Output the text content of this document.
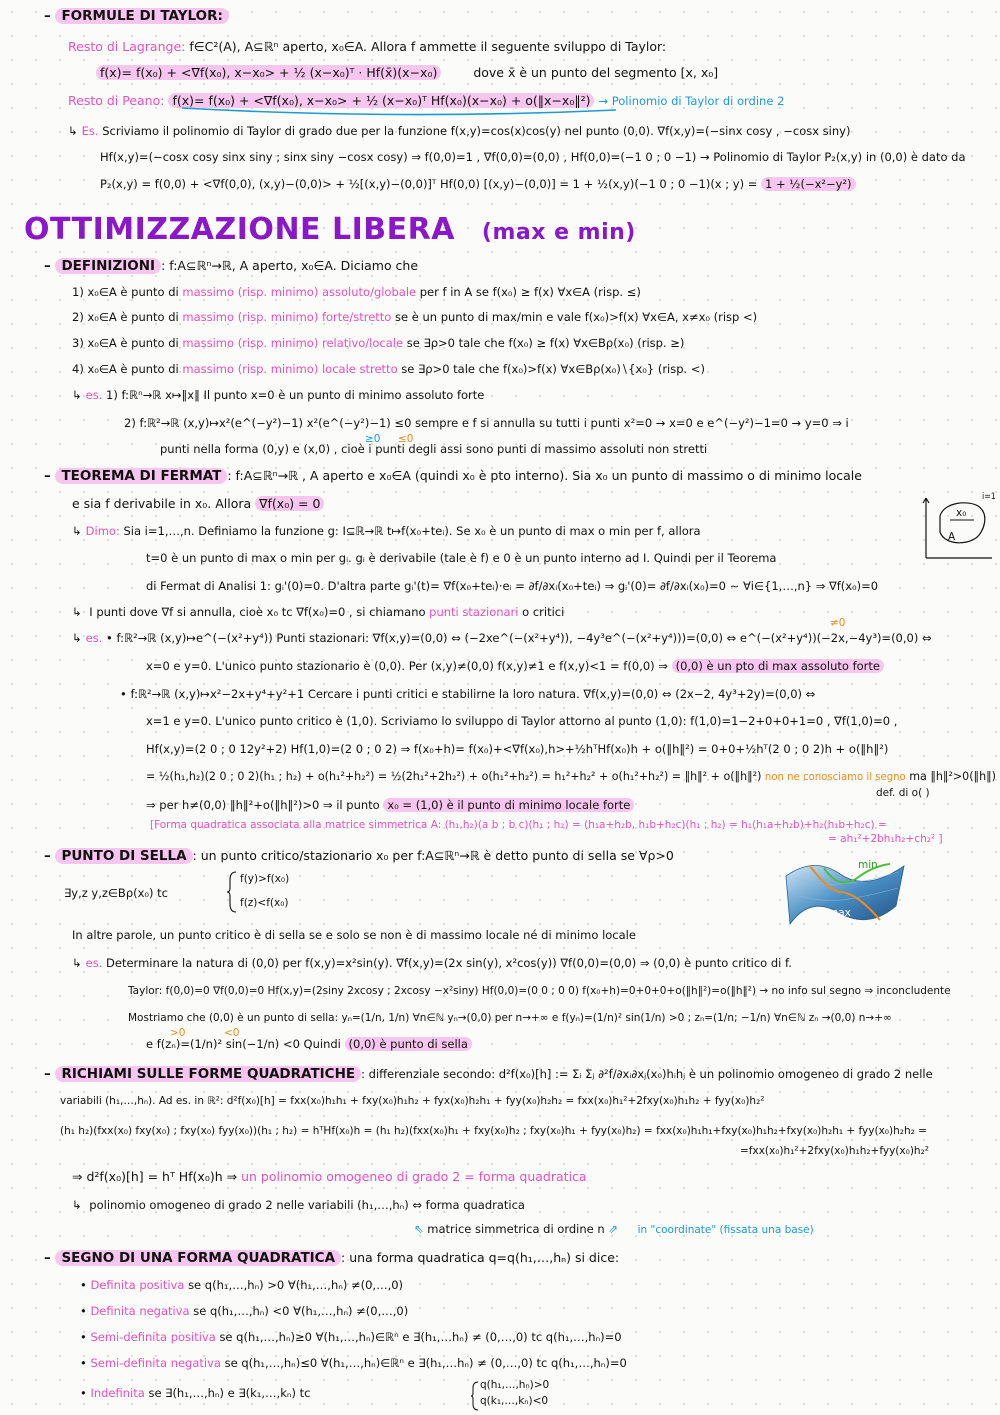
– FORMULE DI TAYLOR:
Resto di Lagrange: f∈C²(A), A⊆ℝⁿ aperto, x₀∈A. Allora f ammette il seguente sviluppo di Taylor:
f(x)= f(x₀) + <∇f(x₀), x−x₀> + ½ (x−x₀)ᵀ · Hf(x̄)(x−x₀)	dove x̄ è un punto del segmento [x, x₀]
Resto di Peano: f(x)= f(x₀) + <∇f(x₀), x−x₀> + ½ (x−x₀)ᵀ Hf(x₀)(x−x₀) + o(‖x−x₀‖²) → Polinomio di Taylor di ordine 2
↳ Es. Scriviamo il polinomio di Taylor di grado due per la funzione f(x,y)=cos(x)cos(y) nel punto (0,0). ∇f(x,y)=(−sinx cosy , −cosx siny)
Hf(x,y)=(−cosx cosy sinx siny ; sinx siny −cosx cosy) ⇒ f(0,0)=1 , ∇f(0,0)=(0,0) , Hf(0,0)=(−1 0 ; 0 −1) → Polinomio di Taylor P₂(x,y) in (0,0) è dato da
P₂(x,y) = f(0,0) + <∇f(0,0), (x,y)−(0,0)> + ½[(x,y)−(0,0)]ᵀ Hf(0,0) [(x,y)−(0,0)] = 1 + ½(x,y)(−1 0 ; 0 −1)(x ; y) = 1 + ½(−x²−y²)
OTTIMIZZAZIONE LIBERA (max e min)
– DEFINIZIONI : f:A⊆ℝⁿ→ℝ, A aperto, x₀∈A. Diciamo che
1) x₀∈A è punto di massimo (risp. minimo) assoluto/globale per f in A se f(x₀) ≥ f(x) ∀x∈A (risp. ≤)
2) x₀∈A è punto di massimo (risp. minimo) forte/stretto se è un punto di max/min e vale f(x₀)>f(x) ∀x∈A, x≠x₀ (risp <)
3) x₀∈A è punto di massimo (risp. minimo) relativo/locale se ∃ρ>0 tale che f(x₀) ≥ f(x) ∀x∈Bρ(x₀) (risp. ≥)
4) x₀∈A è punto di massimo (risp. minimo) locale stretto se ∃ρ>0 tale che f(x₀)>f(x) ∀x∈Bρ(x₀)∖{x₀} (risp. <)
↳ es. 1) f:ℝⁿ→ℝ x↦‖x‖ Il punto x=0 è un punto di minimo assoluto forte
2) f:ℝ²→ℝ (x,y)↦x²(e^(−y²)−1) x²(e^(−y²)−1) ≤0 sempre e f si annulla su tutti i punti x²=0 → x=0 e e^(−y²)−1=0 → y=0 ⇒ i
≥0 ≤0
punti nella forma (0,y) e (x,0) , cioè i punti degli assi sono punti di massimo assoluti non stretti
– TEOREMA DI FERMAT : f:A⊆ℝⁿ→ℝ , A aperto e x₀∈A (quindi x₀ è pto interno). Sia x₀ un punto di massimo o di minimo locale
e sia f derivabile in x₀. Allora ∇f(x₀) = 0
x₀
A
i=1
↳ Dimo: Sia i=1,…,n. Definiamo la funzione g: I⊆ℝ→ℝ t↦f(x₀+teᵢ). Se x₀ è un punto di max o min per f, allora
t=0 è un punto di max o min per gᵢ. gᵢ è derivabile (tale è f) e 0 è un punto interno ad I. Quindi per il Teorema
di Fermat di Analisi 1: gᵢ'(0)=0. D'altra parte gᵢ'(t)= ∇f(x₀+teᵢ)·eᵢ = ∂f/∂xᵢ(x₀+teᵢ) ⇒ gᵢ'(0)= ∂f/∂xᵢ(x₀)=0 ∼ ∀i∈{1,…,n} ⇒ ∇f(x₀)=0
↳ I punti dove ∇f si annulla, cioè x₀ tc ∇f(x₀)=0 , si chiamano punti stazionari o critici
≠0
↳ es. • f:ℝ²→ℝ (x,y)↦e^(−(x²+y⁴)) Punti stazionari: ∇f(x,y)=(0,0) ⇔ (−2xe^(−(x²+y⁴)), −4y³e^(−(x²+y⁴)))=(0,0) ⇔ e^(−(x²+y⁴))(−2x,−4y³)=(0,0) ⇔
x=0 e y=0. L'unico punto stazionario è (0,0). Per (x,y)≠(0,0) f(x,y)≠1 e f(x,y)<1 = f(0,0) ⇒ (0,0) è un pto di max assoluto forte
• f:ℝ²→ℝ (x,y)↦x²−2x+y⁴+y²+1 Cercare i punti critici e stabilirne la loro natura. ∇f(x,y)=(0,0) ⇔ (2x−2, 4y³+2y)=(0,0) ⇔
x=1 e y=0. L'unico punto critico è (1,0). Scriviamo lo sviluppo di Taylor attorno al punto (1,0): f(1,0)=1−2+0+0+1=0 , ∇f(1,0)=0 ,
Hf(x,y)=(2 0 ; 0 12y²+2) Hf(1,0)=(2 0 ; 0 2) ⇒ f(x₀+h)= f(x₀)+<∇f(x₀),h>+½hᵀHf(x₀)h + o(‖h‖²) = 0+0+½hᵀ(2 0 ; 0 2)h + o(‖h‖²)
= ½(h₁,h₂)(2 0 ; 0 2)(h₁ ; h₂) + o(h₁²+h₂²) = ½(2h₁²+2h₂²) + o(h₁²+h₂²) = h₁²+h₂² + o(h₁²+h₂²) = ‖h‖² + o(‖h‖²) non ne conosciamo il segno ma ‖h‖²>0(‖h‖)
def. di o( )
⇒ per h≠(0,0) ‖h‖²+o(‖h‖²)>0 ⇒ il punto x₀ = (1,0) è il punto di minimo locale forte
[Forma quadratica associata alla matrice simmetrica A: (h₁,h₂)(a b ; b c)(h₁ ; h₂) = (h₁a+h₂b, h₁b+h₂c)(h₁ ; h₂) = h₁(h₁a+h₂b)+h₂(h₁b+h₂c) =
= ah₁²+2bh₁h₂+ch₂² ]
– PUNTO DI SELLA : un punto critico/stazionario x₀ per f:A⊆ℝⁿ→ℝ è detto punto di sella se ∀ρ>0
∃y,z y,z∈Bρ(x₀) tc
f(y)>f(x₀)
f(z)<f(x₀)
min
max
In altre parole, un punto critico è di sella se e solo se non è di massimo locale né di minimo locale
↳ es. Determinare la natura di (0,0) per f(x,y)=x²sin(y). ∇f(x,y)=(2x sin(y), x²cos(y)) ∇f(0,0)=(0,0) ⇒ (0,0) è punto critico di f.
Taylor: f(0,0)=0 ∇f(0,0)=0 Hf(x,y)=(2siny 2xcosy ; 2xcosy −x²siny) Hf(0,0)=(0 0 ; 0 0) f(x₀+h)=0+0+0+o(‖h‖²)=o(‖h‖²) → no info sul segno ⇒ inconcludente
Mostriamo che (0,0) è un punto di sella: yₙ=(1/n, 1/n) ∀n∈ℕ yₙ→(0,0) per n→+∞ e f(yₙ)=(1/n)² sin(1/n) >0 ; zₙ=(1/n; −1/n) ∀n∈ℕ zₙ →(0,0) n→+∞
>0	<0
e f(zₙ)=(1/n)² sin(−1/n) <0 Quindi (0,0) è punto di sella
– RICHIAMI SULLE FORME QUADRATICHE : differenziale secondo: d²f(x₀)[h] := Σᵢ Σⱼ ∂²f/∂xᵢ∂xⱼ(x₀)hᵢhⱼ è un polinomio omogeneo di grado 2 nelle
variabili (h₁,…,hₙ). Ad es. in ℝ²: d²f(x₀)[h] = fxx(x₀)h₁h₁ + fxy(x₀)h₁h₂ + fyx(x₀)h₂h₁ + fyy(x₀)h₂h₂ = fxx(x₀)h₁²+2fxy(x₀)h₁h₂ + fyy(x₀)h₂²
(h₁ h₂)(fxx(x₀) fxy(x₀) ; fxy(x₀) fyy(x₀))(h₁ ; h₂) = hᵀHf(x₀)h = (h₁ h₂)(fxx(x₀)h₁ + fxy(x₀)h₂ ; fxy(x₀)h₁ + fyy(x₀)h₂) = fxx(x₀)h₁h₁+fxy(x₀)h₁h₂+fxy(x₀)h₂h₁ + fyy(x₀)h₂h₂ =
=fxx(x₀)h₁²+2fxy(x₀)h₁h₂+fyy(x₀)h₂²
⇒ d²f(x₀)[h] = hᵀ Hf(x₀)h ⇒ un polinomio omogeneo di grado 2 = forma quadratica
↳ polinomio omogeneo di grado 2 nelle variabili (h₁,…,hₙ) ⇔ forma quadratica
⇖ matrice simmetrica di ordine n ⇗ in "coordinate" (fissata una base)
– SEGNO DI UNA FORMA QUADRATICA : una forma quadratica q=q(h₁,…,hₙ) si dice:
• Definita positiva se q(h₁,…,hₙ) >0 ∀(h₁,…,hₙ) ≠(0,…,0)
• Definita negativa se q(h₁,…,hₙ) <0 ∀(h₁,…,hₙ) ≠(0,…,0)
• Semi-definita positiva se q(h₁,…,hₙ)≥0 ∀(h₁,…,hₙ)∈ℝⁿ e ∃(h₁,…hₙ) ≠ (0,…,0) tc q(h₁,…,hₙ)=0
• Semi-definita negativa se q(h₁,…,hₙ)≤0 ∀(h₁,…,hₙ)∈ℝⁿ e ∃(h₁,…hₙ) ≠ (0,…,0) tc q(h₁,…,hₙ)=0
• Indefinita se ∃(h₁,…,hₙ) e ∃(k₁,…,kₙ) tc
q(h₁,…,hₙ)>0
q(k₁,…,kₙ)<0
